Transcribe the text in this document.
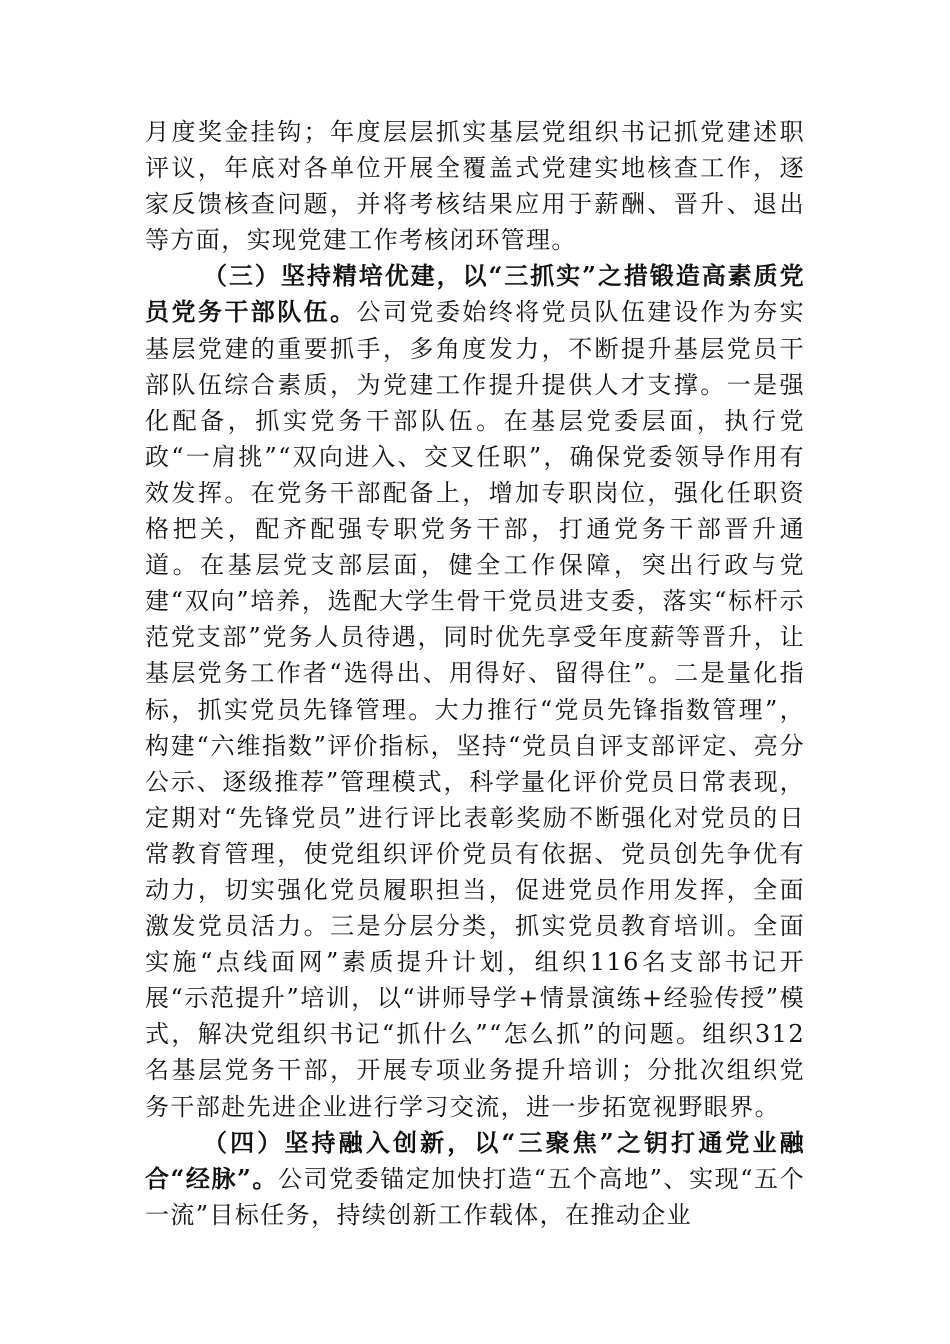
月度奖金挂钩；年度层层抓实基层党组织书记抓党建述职评议，年底对各单位开展全覆盖式党建实地核查工作，逐家反馈核查问题，并将考核结果应用于薪酬、晋升、退出等方面，实现党建工作考核闭环管理。

（三）坚持精培优建，以“三抓实”之措锻造高素质党员党务干部队伍。公司党委始终将党员队伍建设作为夯实基层党建的重要抓手，多角度发力，不断提升基层党员干部队伍综合素质，为党建工作提升提供人才支撑。一是强化配备，抓实党务干部队伍。在基层党委层面，执行党政“一肩挑”“双向进入、交叉任职”，确保党委领导作用有效发挥。在党务干部配备上，增加专职岗位，强化任职资格把关，配齐配强专职党务干部，打通党务干部晋升通道。在基层党支部层面，健全工作保障，突出行政与党建“双向”培养，选配大学生骨干党员进支委，落实“标杆示范党支部”党务人员待遇，同时优先享受年度薪等晋升，让基层党务工作者“选得出、用得好、留得住”。二是量化指标，抓实党员先锋管理。大力推行“党员先锋指数管理”，构建“六维指数”评价指标，坚持“党员自评支部评定、亮分公示、逐级推荐”管理模式，科学量化评价党员日常表现，定期对“先锋党员”进行评比表彰奖励不断强化对党员的日常教育管理，使党组织评价党员有依据、党员创先争优有动力，切实强化党员履职担当，促进党员作用发挥，全面激发党员活力。三是分层分类，抓实党员教育培训。全面实施“点线面网”素质提升计划，组织116名支部书记开展“示范提升”培训，以“讲师导学+情景演练+经验传授”模式，解决党组织书记“抓什么”“怎么抓”的问题。组织312名基层党务干部，开展专项业务提升培训；分批次组织党务干部赴先进企业进行学习交流，进一步拓宽视野眼界。

（四）坚持融入创新，以“三聚焦”之钥打通党业融合“经脉”。公司党委锚定加快打造“五个高地”、实现“五个一流”目标任务，持续创新工作载体，在推动企业
